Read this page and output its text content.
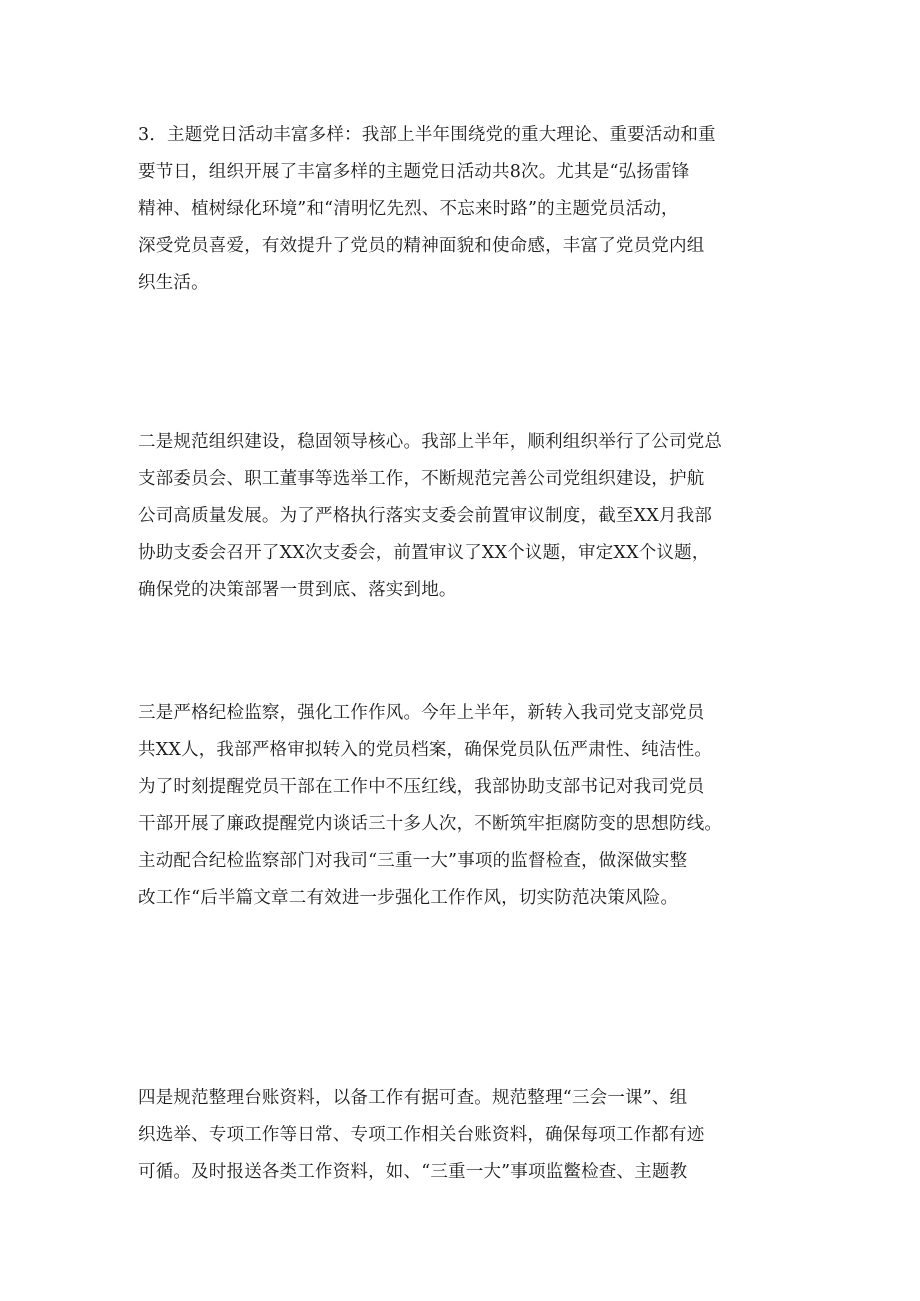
3．主题党日活动丰富多样：我部上半年围绕党的重大理论、重要活动和重
要节日，组织开展了丰富多样的主题党日活动共8次。尤其是“弘扬雷锋
精神、植树绿化环境”和“清明忆先烈、不忘来时路”的主题党员活动，
深受党员喜爱，有效提升了党员的精神面貌和使命感，丰富了党员党内组
织生活。
二是规范组织建设，稳固领导核心。我部上半年，顺利组织举行了公司党总
支部委员会、职工董事等选举工作，不断规范完善公司党组织建设，护航
公司高质量发展。为了严格执行落实支委会前置审议制度，截至XX月我部
协助支委会召开了XX次支委会，前置审议了XX个议题，审定XX个议题，
确保党的决策部署一贯到底、落实到地。
三是严格纪检监察，强化工作作风。今年上半年，新转入我司党支部党员
共XX人，我部严格审拟转入的党员档案，确保党员队伍严肃性、纯洁性。
为了时刻提醒党员干部在工作中不压红线，我部协助支部书记对我司党员
干部开展了廉政提醒党内谈话三十多人次，不断筑牢拒腐防变的思想防线。
主动配合纪检监察部门对我司“三重一大”事项的监督检查，做深做实整
改工作“后半篇文章二有效进一步强化工作作风，切实防范决策风险。
四是规范整理台账资料，以备工作有据可查。规范整理“三会一课”、组
织选举、专项工作等日常、专项工作相关台账资料，确保每项工作都有迹
可循。及时报送各类工作资料，如、“三重一大”事项监鳖检查、主题教
